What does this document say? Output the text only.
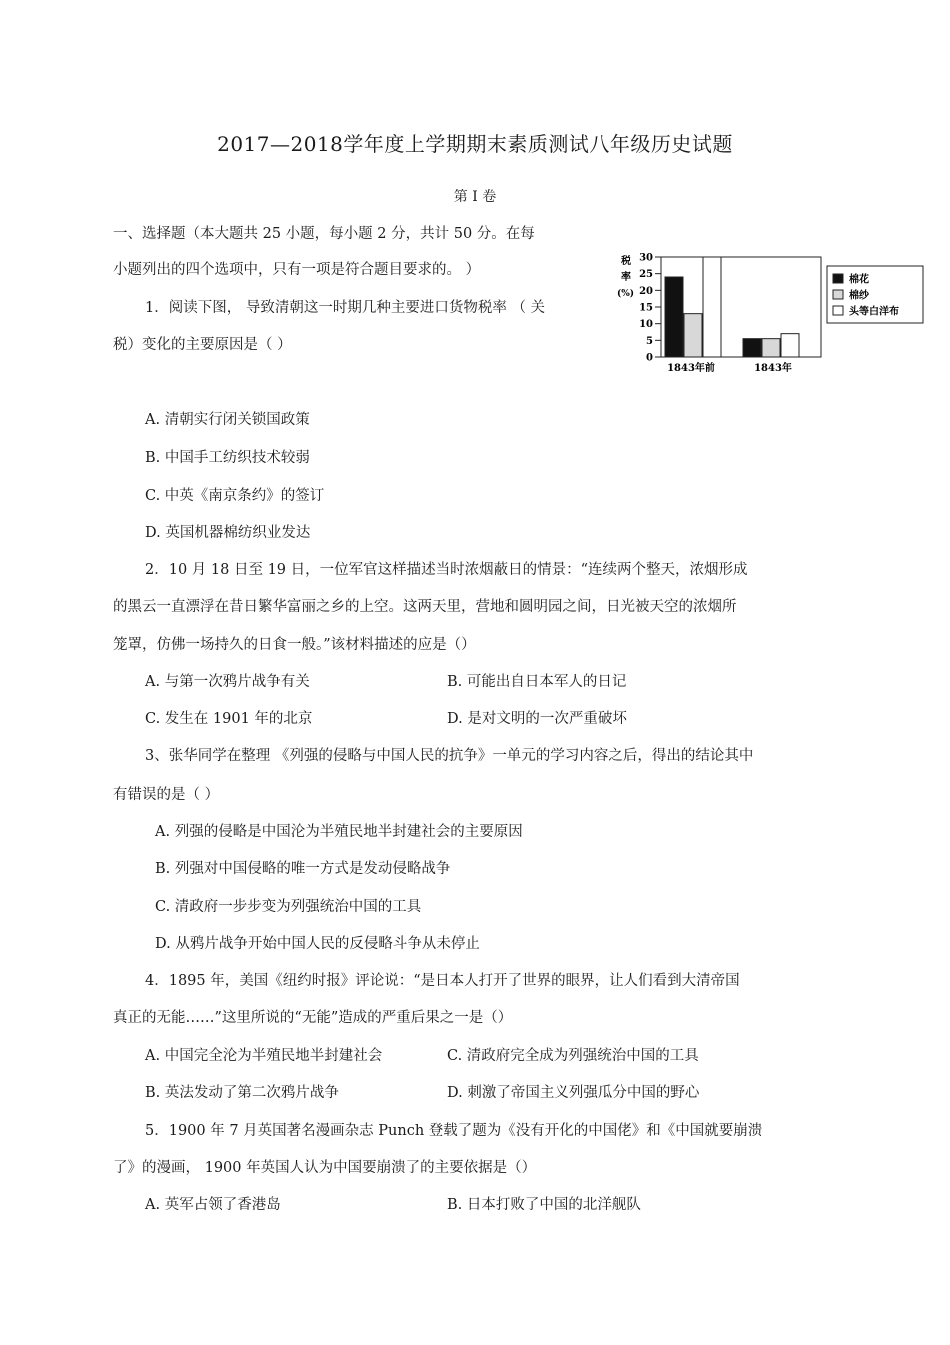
2017—2018学年度上学期期末素质测试八年级历史试题
第 Ⅰ 卷
一、选择题（本大题共 25 小题，每小题 2 分，共计 50 分。在每
小题列出的四个选项中，只有一项是符合题目要求的。 ）
1．阅读下图， 导致清朝这一时期几种主要进口货物税率 （ 关
税）变化的主要原因是（ ）
税
率
(%)
0
5
10
15
20
25
30
1843年前	1843年
棉花
棉纱
头等白洋布
A. 清朝实行闭关锁国政策
B. 中国手工纺织技术较弱
C. 中英《南京条约》的签订
D. 英国机器棉纺织业发达
2．10 月 18 日至 19 日，一位军官这样描述当时浓烟蔽日的情景：“连续两个整天，浓烟形成
的黑云一直漂浮在昔日繁华富丽之乡的上空。这两天里，营地和圆明园之间，日光被天空的浓烟所
笼罩，仿佛一场持久的日食一般。”该材料描述的应是（）
A. 与第一次鸦片战争有关	B. 可能出自日本军人的日记
C. 发生在 1901 年的北京	D. 是对文明的一次严重破坏
3、张华同学在整理 《列强的侵略与中国人民的抗争》一单元的学习内容之后，得出的结论其中
有错误的是（ ）
A. 列强的侵略是中国沦为半殖民地半封建社会的主要原因
B. 列强对中国侵略的唯一方式是发动侵略战争
C. 清政府一步步变为列强统治中国的工具
D. 从鸦片战争开始中国人民的反侵略斗争从未停止
4．1895 年，美国《纽约时报》评论说：“是日本人打开了世界的眼界，让人们看到大清帝国
真正的无能……”这里所说的“无能”造成的严重后果之一是（）
A. 中国完全沦为半殖民地半封建社会	C. 清政府完全成为列强统治中国的工具
B. 英法发动了第二次鸦片战争	D. 刺激了帝国主义列强瓜分中国的野心
5．1900 年 7 月英国著名漫画杂志 Punch 登载了题为《没有开化的中国佬》和《中国就要崩溃
了》的漫画， 1900 年英国人认为中国要崩溃了的主要依据是（）
A. 英军占领了香港岛	B. 日本打败了中国的北洋舰队
